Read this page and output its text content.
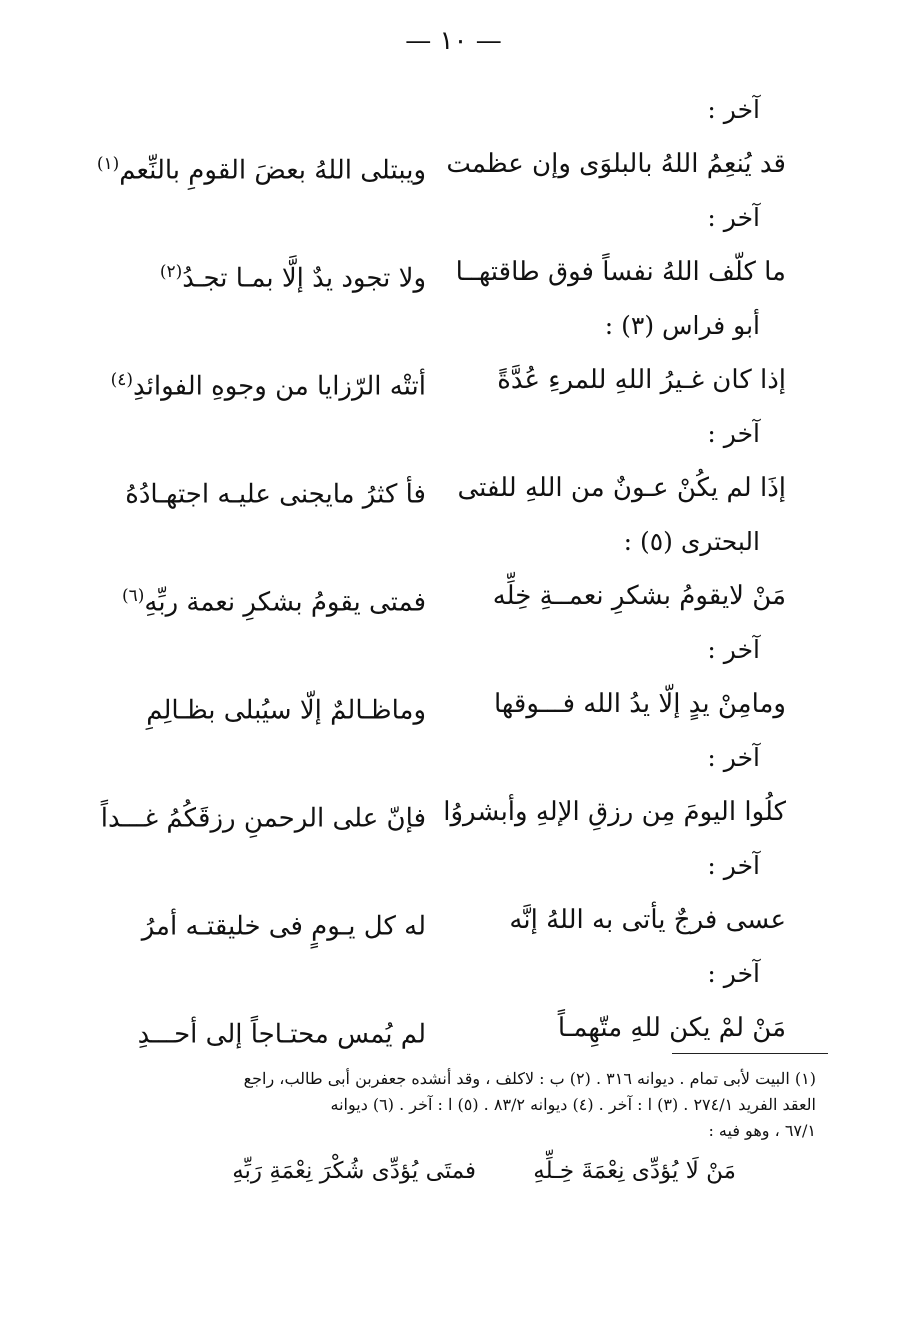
— ١٠ —
آخر :
قد يُنعِمُ اللهُ بالبلوَى وإن عظمت
ويبتلى اللهُ بعضَ القومِ بالنِّعم$^{(١)}$
آخر :
ما كلّف اللهُ نفساً فوق طاقتهــا
ولا تجود يدٌ إلَّا بمـا تجـدُ$^{(٢)}$
أبو فراس (٣) :
إذا كان غـيرُ اللهِ للمرءِ عُدَّةً
أتتْه الرّزايا من وجوهِ الفوائدِ$^{(٤)}$
آخر :
إذَا لم يكُنْ عـونٌ من اللهِ للفتى
فأ كثرُ مايجنى عليـه اجتهـادُهُ
البحترى (٥) :
مَنْ لايقومُ بشكرِ نعمــةِ خِلِّه
فمتى يقومُ بشكرِ نعمة ربِّهِ$^{(٦)}$
آخر :
ومامِنْ يدٍ إلّا يدُ الله فـــوقها
وماظـالمٌ إلّا سيُبلى بظـالِمِ
آخر :
كلُوا اليومَ مِن رزقِ الإلهِ وأبشروُا
فإنّ على الرحمنِ رزقَكُمُ غـــداً
آخر :
عسى فرجٌ يأتى به اللهُ إنَّه
له كل يـومٍ فى خليقتـه أمرُ
آخر :
مَنْ لمْ يكن للهِ متّهِمـاً
لم يُمس محتـاجاً إلى أحـــدِ
(١) البيت لأبى تمام . ديوانه ٣١٦ . (٢) ب : لاكلف ، وقد أنشده جعفربن أبى طالب، راجع
العقد الفريد ٢٧٤/١ . (٣) ا : آخر . (٤) ديوانه ٨٣/٢ . (٥) ا : آخر . (٦) ديوانه
٦٧/١ ، وهو فيه :
مَنْ لَا يُؤدِّى نِعْمَةَ خِـلِّهِ
فمتَى يُؤدِّى شُكْرَ نِعْمَةِ رَبِّهِ
